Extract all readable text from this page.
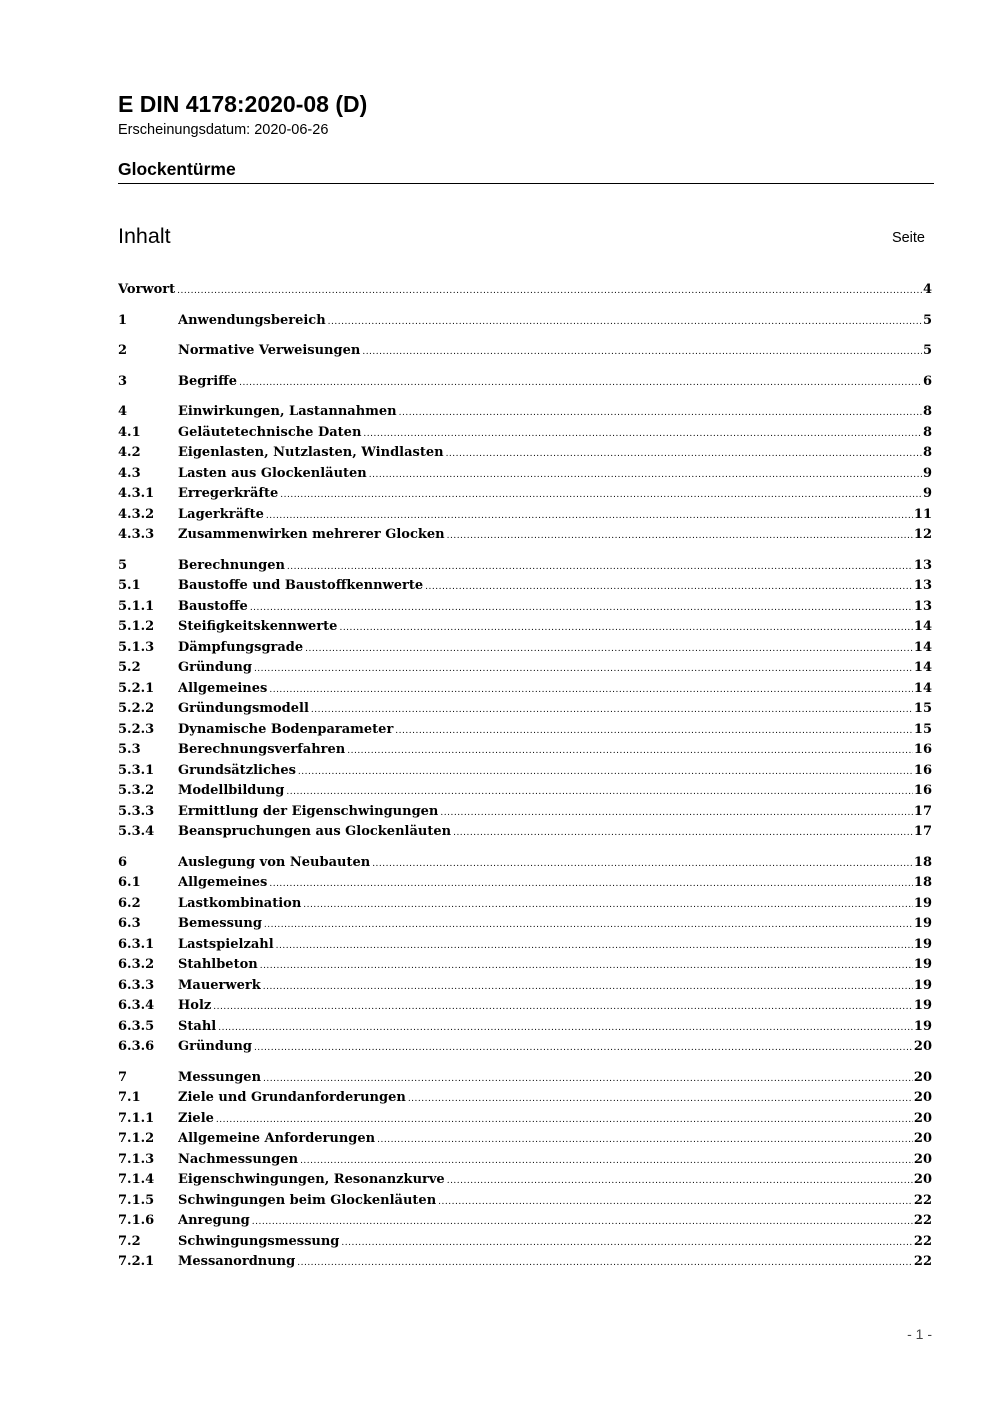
E DIN 4178:2020-08 (D)
Erscheinungsdatum: 2020-06-26
Glockentürme
Inhalt	Seite
Vorwort .....	4
1	Anwendungsbereich .....	5
2	Normative Verweisungen .....	5
3	Begriffe .....	6
4	Einwirkungen, Lastannahmen .....	8
4.1	Geläutetechnische Daten .....	8
4.2	Eigenlasten, Nutzlasten, Windlasten .....	8
4.3	Lasten aus Glockenläuten .....	9
4.3.1 Erregerkräfte .....	9
4.3.2 Lagerkräfte .....	11
4.3.3 Zusammenwirken mehrerer Glocken .....	12
5	Berechnungen .....	13
5.1	Baustoffe und Baustoffkennwerte .....	13
5.1.1 Baustoffe .....	13
5.1.2 Steifigkeitskennwerte .....	14
5.1.3 Dämpfungsgrade .....	14
5.2	Gründung .....	14
5.2.1 Allgemeines .....	14
5.2.2 Gründungsmodell .....	15
5.2.3 Dynamische Bodenparameter .....	15
5.3	Berechnungsverfahren .....	16
5.3.1 Grundsätzliches .....	16
5.3.2 Modellbildung .....	16
5.3.3 Ermittlung der Eigenschwingungen .....	17
5.3.4 Beanspruchungen aus Glockenläuten .....	17
6	Auslegung von Neubauten .....	18
6.1	Allgemeines .....	18
6.2	Lastkombination .....	19
6.3	Bemessung .....	19
6.3.1 Lastspielzahl .....	19
6.3.2 Stahlbeton .....	19
6.3.3 Mauerwerk .....	19
6.3.4 Holz .....	19
6.3.5 Stahl .....	19
6.3.6 Gründung .....	20
7	Messungen .....	20
7.1	Ziele und Grundanforderungen .....	20
7.1.1 Ziele .....	20
7.1.2 Allgemeine Anforderungen .....	20
7.1.3 Nachmessungen .....	20
7.1.4 Eigenschwingungen, Resonanzkurve .....	20
7.1.5 Schwingungen beim Glockenläuten .....	22
7.1.6 Anregung .....	22
7.2	Schwingungsmessung .....	22
7.2.1 Messanordnung .....	22
- 1 -
